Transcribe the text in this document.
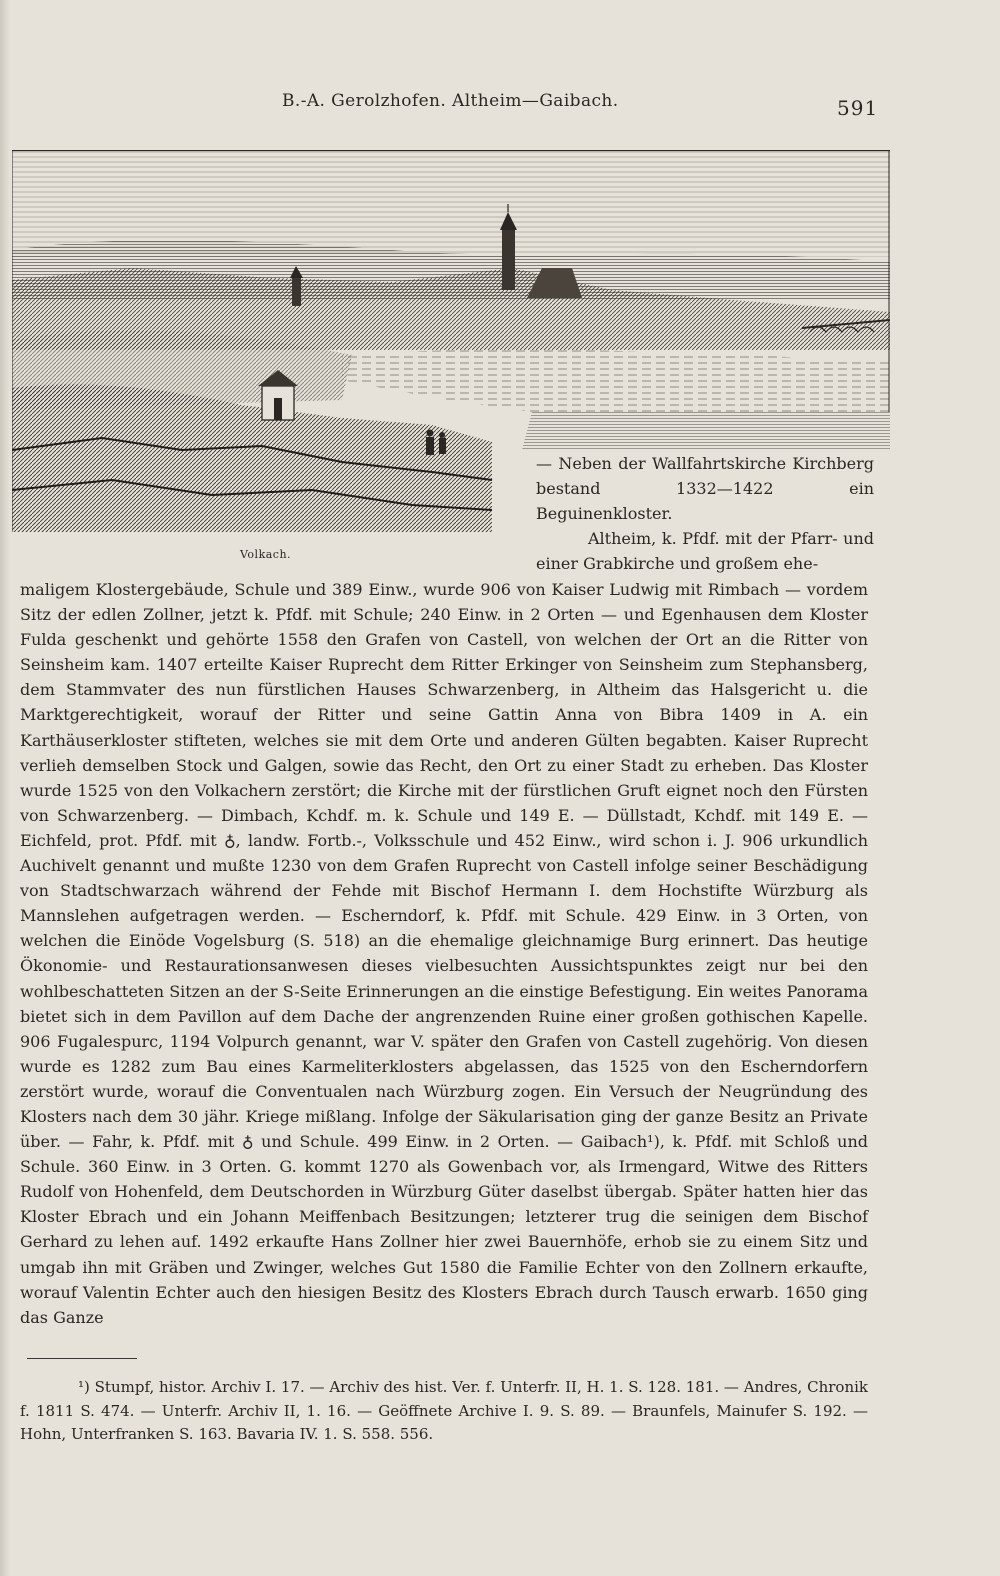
B.-A. Gerolzhofen. Altheim—Gaibach.	591
Volkach.

— Neben der Wallfahrtskirche Kirchberg bestand 1332—1422 ein Beguinenkloster.

Altheim, k. Pfdf. mit der Pfarr- und einer Grabkirche und großem ehe-

maligem Klostergebäude, Schule und 389 Einw., wurde 906 von Kaiser Ludwig mit Rimbach — vordem Sitz der edlen Zollner, jetzt k. Pfdf. mit Schule; 240 Einw. in 2 Orten — und Egenhausen dem Kloster Fulda geschenkt und gehörte 1558 den Grafen von Castell, von welchen der Ort an die Ritter von Seinsheim kam. 1407 erteilte Kaiser Ruprecht dem Ritter Erkinger von Seinsheim zum Stephansberg, dem Stammvater des nun fürstlichen Hauses Schwarzenberg, in Altheim das Halsgericht u. die Marktgerechtigkeit, worauf der Ritter und seine Gattin Anna von Bibra 1409 in A. ein Karthäuserkloster stifteten, welches sie mit dem Orte und anderen Gülten begabten. Kaiser Ruprecht verlieh demselben Stock und Galgen, sowie das Recht, den Ort zu einer Stadt zu erheben. Das Kloster wurde 1525 von den Volkachern zerstört; die Kirche mit der fürstlichen Gruft eignet noch den Fürsten von Schwarzenberg. — Dimbach, Kchdf. m. k. Schule und 149 E. — Düllstadt, Kchdf. mit 149 E. — Eichfeld, prot. Pfdf. mit ♁, landw. Fortb.-, Volksschule und 452 Einw., wird schon i. J. 906 urkundlich Auchivelt genannt und mußte 1230 von dem Grafen Ruprecht von Castell infolge seiner Beschädigung von Stadtschwarzach während der Fehde mit Bischof Hermann I. dem Hochstifte Würzburg als Mannslehen aufgetragen werden. — Escherndorf, k. Pfdf. mit Schule. 429 Einw. in 3 Orten, von welchen die Einöde Vogelsburg (S. 518) an die ehemalige gleichnamige Burg erinnert. Das heutige Ökonomie- und Restaurationsanwesen dieses vielbesuchten Aussichtspunktes zeigt nur bei den wohlbeschatteten Sitzen an der S-Seite Erinnerungen an die einstige Befestigung. Ein weites Panorama bietet sich in dem Pavillon auf dem Dache der angrenzenden Ruine einer großen gothischen Kapelle. 906 Fugalespurc, 1194 Volpurch genannt, war V. später den Grafen von Castell zugehörig. Von diesen wurde es 1282 zum Bau eines Karmeliterklosters abgelassen, das 1525 von den Escherndorfern zerstört wurde, worauf die Conventualen nach Würzburg zogen. Ein Versuch der Neugründung des Klosters nach dem 30 jähr. Kriege mißlang. Infolge der Säkularisation ging der ganze Besitz an Private über. — Fahr, k. Pfdf. mit ♁ und Schule. 499 Einw. in 2 Orten. — Gaibach¹), k. Pfdf. mit Schloß und Schule. 360 Einw. in 3 Orten. G. kommt 1270 als Gowenbach vor, als Irmengard, Witwe des Ritters Rudolf von Hohenfeld, dem Deutschorden in Würzburg Güter daselbst übergab. Später hatten hier das Kloster Ebrach und ein Johann Meiffenbach Besitzungen; letzterer trug die seinigen dem Bischof Gerhard zu lehen auf. 1492 erkaufte Hans Zollner hier zwei Bauernhöfe, erhob sie zu einem Sitz und umgab ihn mit Gräben und Zwinger, welches Gut 1580 die Familie Echter von den Zollnern erkaufte, worauf Valentin Echter auch den hiesigen Besitz des Klosters Ebrach durch Tausch erwarb. 1650 ging das Ganze

¹) Stumpf, histor. Archiv I. 17. — Archiv des hist. Ver. f. Unterfr. II, H. 1. S. 128. 181. — Andres, Chronik f. 1811 S. 474. — Unterfr. Archiv II, 1. 16. — Geöffnete Archive I. 9. S. 89. — Braunfels, Mainufer S. 192. — Hohn, Unterfranken S. 163. Bavaria IV. 1. S. 558. 556.
